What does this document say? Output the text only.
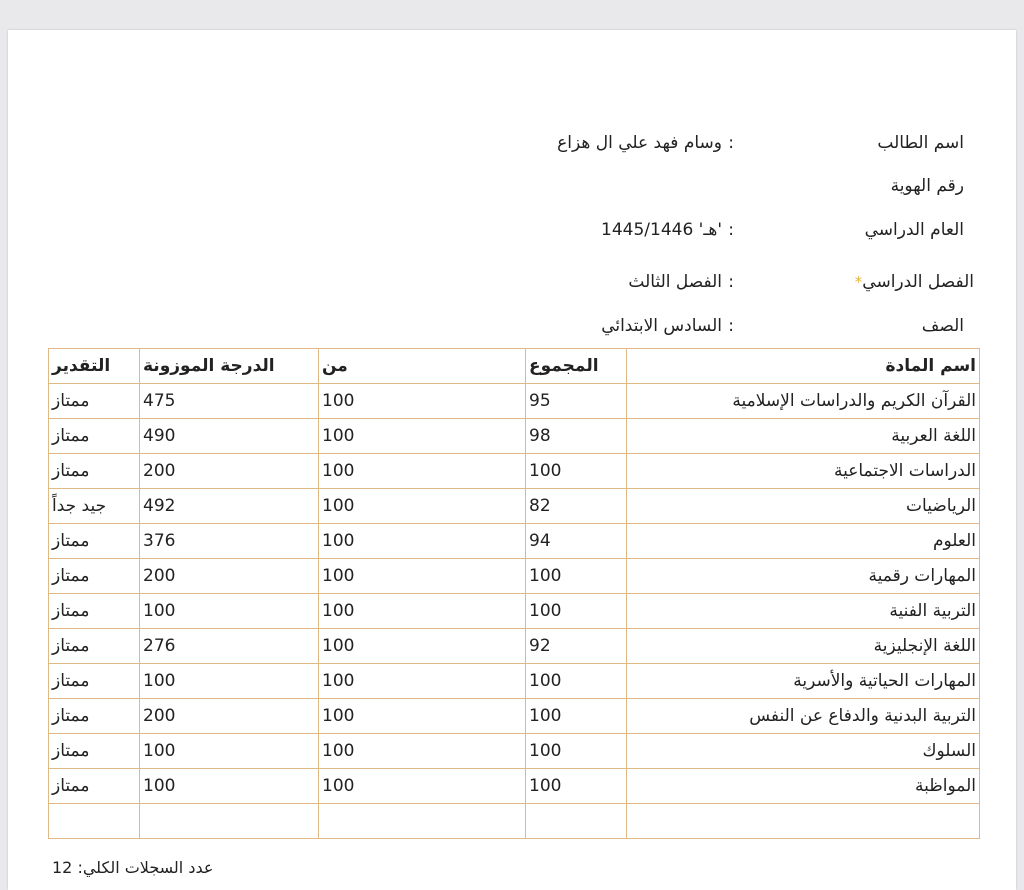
اسم الطالب
:
وسام فهد علي ال هزاع
رقم الهوية
العام الدراسي
:
1445/1446 'هـ'
الفصل الدراسي*
:
الفصل الثالث
الصف
:
السادس الابتدائي
اسم المادة	المجموع	من	الدرجة الموزونة	التقدير
القرآن الكريم والدراسات الإسلامية	95	100	475	ممتاز
اللغة العربية	98	100	490	ممتاز
الدراسات الاجتماعية	100	100	200	ممتاز
الرياضيات	82	100	492	جيد جداً
العلوم	94	100	376	ممتاز
المهارات رقمية	100	100	200	ممتاز
التربية الفنية	100	100	100	ممتاز
اللغة الإنجليزية	92	100	276	ممتاز
المهارات الحياتية والأسرية	100	100	100	ممتاز
التربية البدنية والدفاع عن النفس	100	100	200	ممتاز
السلوك	100	100	100	ممتاز
المواظبة	100	100	100	ممتاز

عدد السجلات الكلي: 12
